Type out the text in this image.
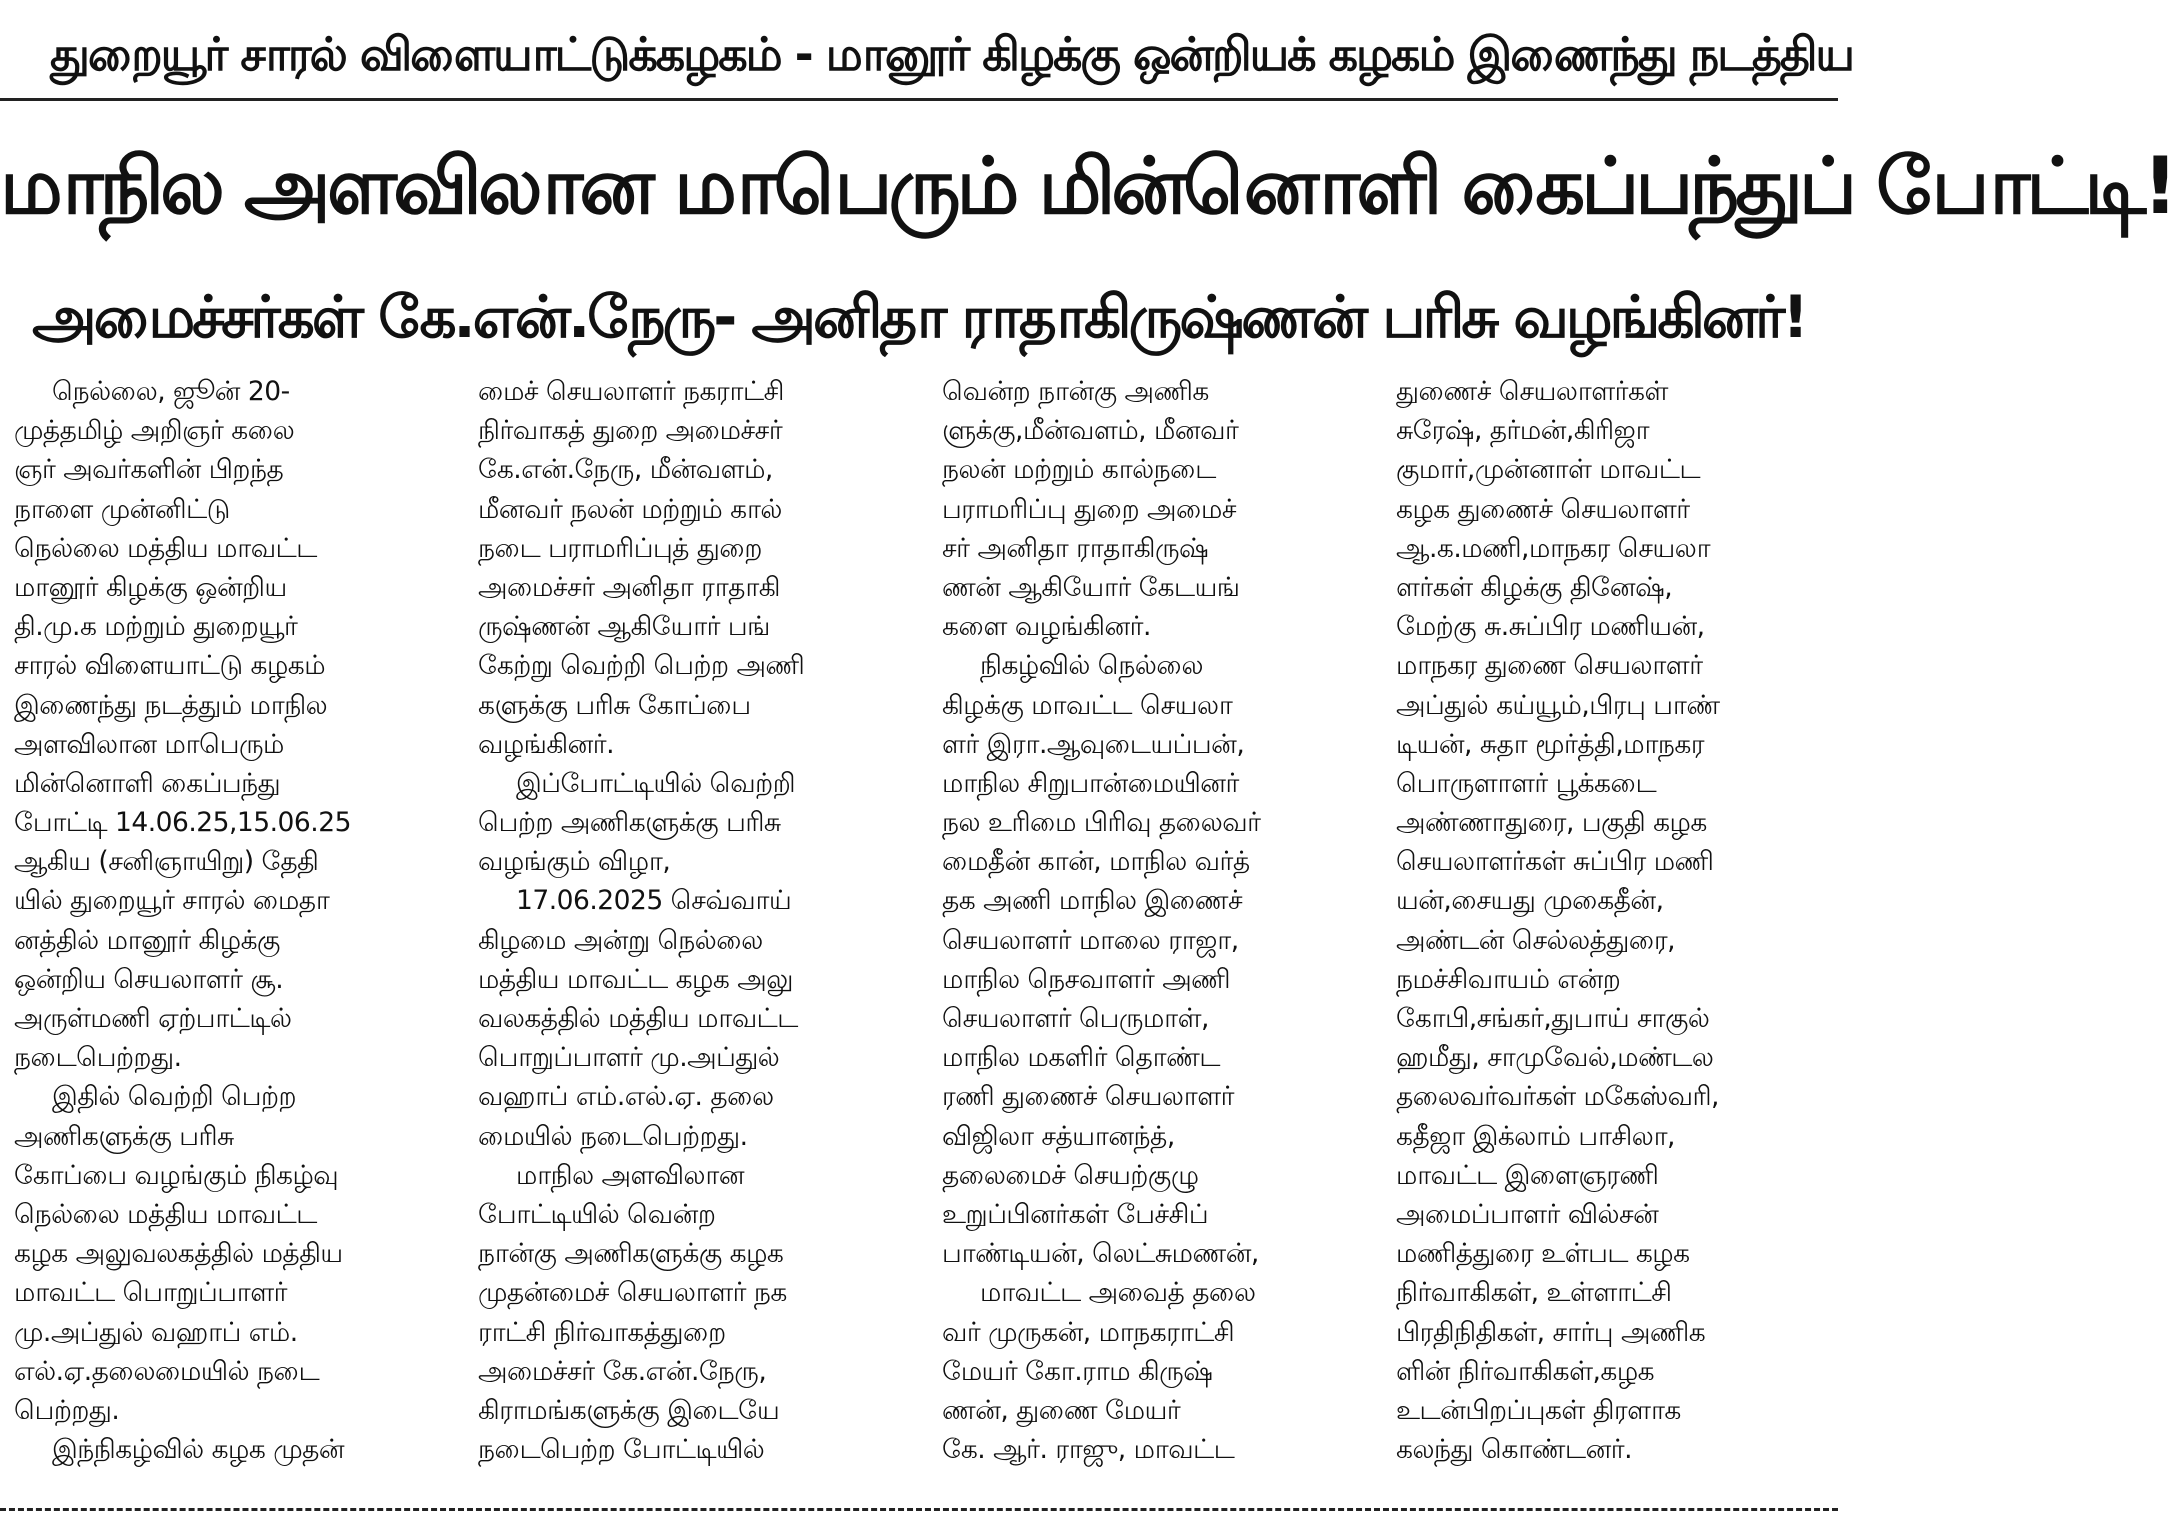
துறையூர் சாரல் விளையாட்டுக்கழகம் - மானூர் கிழக்கு ஒன்றியக் கழகம் இணைந்து நடத்திய
மாநில அளவிலான மாபெரும் மின்னொளி கைப்பந்துப் போட்டி!
அமைச்சர்கள் கே.என்.நேரு- அனிதா ராதாகிருஷ்ணன் பரிசு வழங்கினர்!
நெல்லை, ஜூன் 20-
முத்தமிழ் அறிஞர் கலை
ஞர் அவர்களின் பிறந்த
நாளை முன்னிட்டு
நெல்லை மத்திய மாவட்ட
மானூர் கிழக்கு ஒன்றிய
தி.மு.க மற்றும் துறையூர்
சாரல் விளையாட்டு கழகம்
இணைந்து நடத்தும் மாநில
அளவிலான மாபெரும்
மின்னொளி கைப்பந்து
போட்டி 14.06.25,15.06.25
ஆகிய (சனிஞாயிறு) தேதி
யில் துறையூர் சாரல் மைதா
னத்தில் மானூர் கிழக்கு
ஒன்றிய செயலாளர் சூ.
அருள்மணி ஏற்பாட்டில்
நடைபெற்றது.
இதில் வெற்றி பெற்ற
அணிகளுக்கு பரிசு
கோப்பை வழங்கும் நிகழ்வு
நெல்லை மத்திய மாவட்ட
கழக அலுவலகத்தில் மத்திய
மாவட்ட பொறுப்பாளர்
மு.அப்துல் வஹாப் எம்.
எல்.ஏ.தலைமையில் நடை
பெற்றது.
இந்நிகழ்வில் கழக முதன்
மைச் செயலாளர் நகராட்சி
நிர்வாகத் துறை அமைச்சர்
கே.என்.நேரு, மீன்வளம்,
மீனவர் நலன் மற்றும் கால்
நடை பராமரிப்புத் துறை
அமைச்சர் அனிதா ராதாகி
ருஷ்ணன் ஆகியோர் பங்
கேற்று வெற்றி பெற்ற அணி
களுக்கு பரிசு கோப்பை
வழங்கினர்.
இப்போட்டியில் வெற்றி
பெற்ற அணிகளுக்கு பரிசு
வழங்கும் விழா,
17.06.2025 செவ்வாய்
கிழமை அன்று நெல்லை
மத்திய மாவட்ட கழக அலு
வலகத்தில் மத்திய மாவட்ட
பொறுப்பாளர் மு.அப்துல்
வஹாப் எம்.எல்.ஏ. தலை
மையில் நடைபெற்றது.
மாநில அளவிலான
போட்டியில் வென்ற
நான்கு அணிகளுக்கு கழக
முதன்மைச் செயலாளர் நக
ராட்சி நிர்வாகத்துறை
அமைச்சர் கே.என்.நேரு,
கிராமங்களுக்கு இடையே
நடைபெற்ற போட்டியில்
வென்ற நான்கு அணிக
ளுக்கு,மீன்வளம், மீனவர்
நலன் மற்றும் கால்நடை
பராமரிப்பு துறை அமைச்
சர் அனிதா ராதாகிருஷ்
ணன் ஆகியோர் கேடயங்
களை வழங்கினர்.
நிகழ்வில் நெல்லை
கிழக்கு மாவட்ட செயலா
ளர் இரா.ஆவுடையப்பன்,
மாநில சிறுபான்மையினர்
நல உரிமை பிரிவு தலைவர்
மைதீன் கான், மாநில வர்த்
தக அணி மாநில இணைச்
செயலாளர் மாலை ராஜா,
மாநில நெசவாளர் அணி
செயலாளர் பெருமாள்,
மாநில மகளிர் தொண்ட
ரணி துணைச் செயலாளர்
விஜிலா சத்யானந்த்,
தலைமைச் செயற்குழு
உறுப்பினர்கள் பேச்சிப்
பாண்டியன், லெட்சுமணன்,
மாவட்ட அவைத் தலை
வர் முருகன், மாநகராட்சி
மேயர் கோ.ராம கிருஷ்
ணன், துணை மேயர்
கே. ஆர். ராஜு, மாவட்ட
துணைச் செயலாளர்கள்
சுரேஷ், தர்மன்,கிரிஜா
குமார்,முன்னாள் மாவட்ட
கழக துணைச் செயலாளர்
ஆ.க.மணி,மாநகர செயலா
ளர்கள் கிழக்கு தினேஷ்,
மேற்கு சு.சுப்பிர மணியன்,
மாநகர துணை செயலாளர்
அப்துல் கய்யூம்,பிரபு பாண்
டியன், சுதா மூர்த்தி,மாநகர
பொருளாளர் பூக்கடை
அண்ணாதுரை, பகுதி கழக
செயலாளர்கள் சுப்பிர மணி
யன்,சையது முகைதீன்,
அண்டன் செல்லத்துரை,
நமச்சிவாயம் என்ற
கோபி,சங்கர்,துபாய் சாகுல்
ஹமீது, சாமுவேல்,மண்டல
தலைவர்வர்கள் மகேஸ்வரி,
கதீஜா இக்லாம் பாசிலா,
மாவட்ட இளைஞரணி
அமைப்பாளர் வில்சன்
மணித்துரை உள்பட கழக
நிர்வாகிகள், உள்ளாட்சி
பிரதிநிதிகள், சார்பு அணிக
ளின் நிர்வாகிகள்,கழக
உடன்பிறப்புகள் திரளாக
கலந்து கொண்டனர்.
